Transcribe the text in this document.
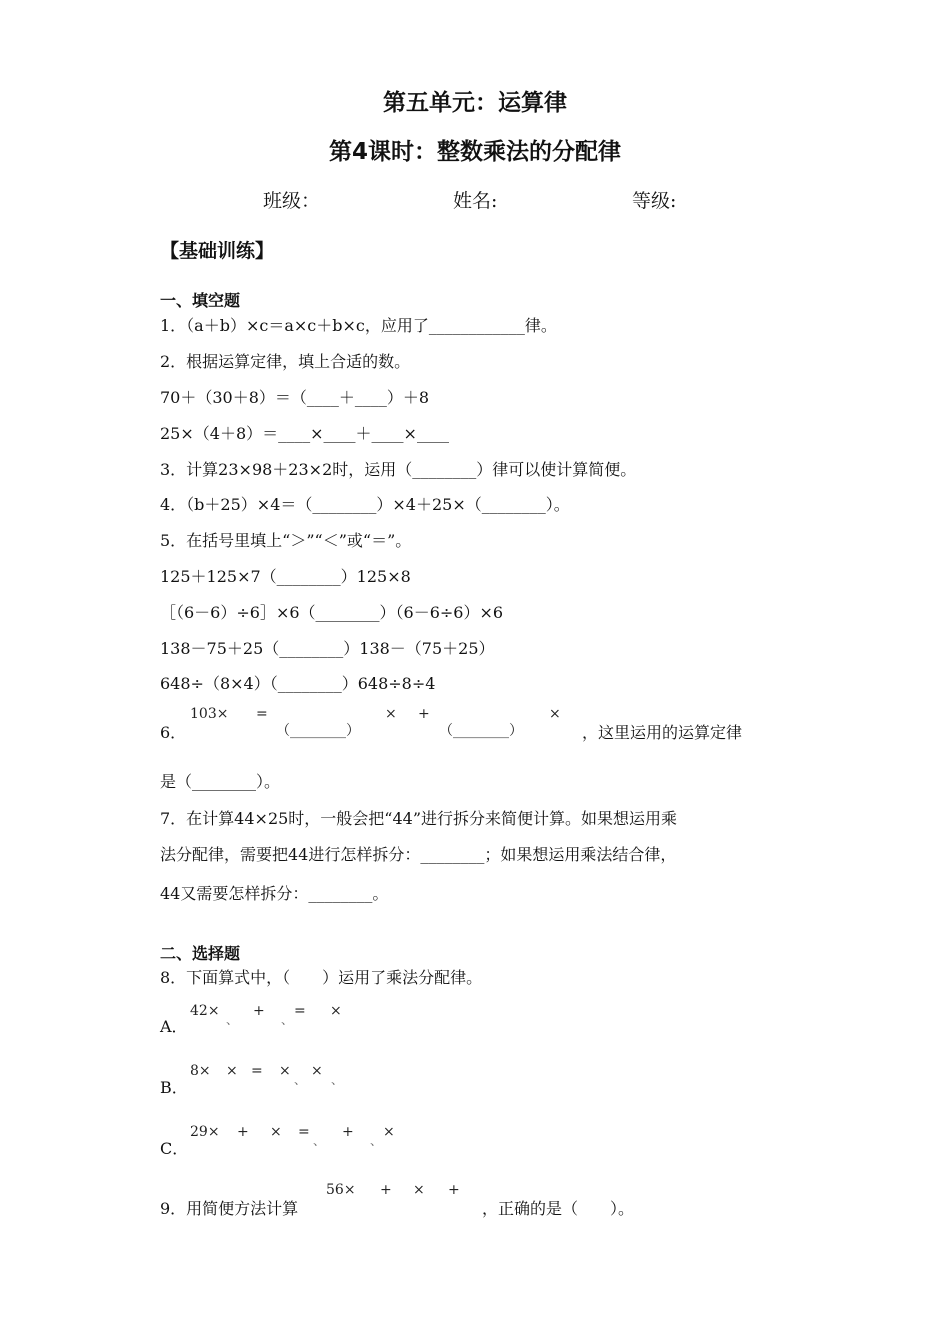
第五单元：运算律
第4课时：整数乘法的分配律
班级：	姓名:	等级:
【基础训练】
一、填空题
1．（a＋b）×c＝a×c＋b×c，应用了____________律。
2．根据运算定律，填上合适的数。
70＋（30＋8）＝（____＋____）＋8
25×（4＋8）＝____×____＋____×____
3．计算23×98＋23×2时，运用（________）律可以使计算简便。
4．（b＋25）×4＝（________）×4＋25×（________）。
5．在括号里填上“＞”“＜”或“＝”。
125＋125×7（________）125×8
［（6－6）÷6］×6（________）（6－6÷6）×6
138－75＋25（________）138－（75＋25）
648÷（8×4）（________）648÷8÷4
6．
103× =
（________）
× +
（________）
×
，这里运用的运算定律
是（________）。
7．在计算44×25时，一般会把“44”进行拆分来简便计算。如果想运用乘
法分配律，需要把44进行怎样拆分：________；如果想运用乘法结合律，
44又需要怎样拆分：________。
二、选择题
8．下面算式中，（　　）运用了乘法分配律。
A．
42×
、
+
、
= ×
B．
8× × = ×
、
×
、
C．
29× + × =
、
+
、
×
9．用简便方法计算
56× + × +
，正确的是（　　）。
